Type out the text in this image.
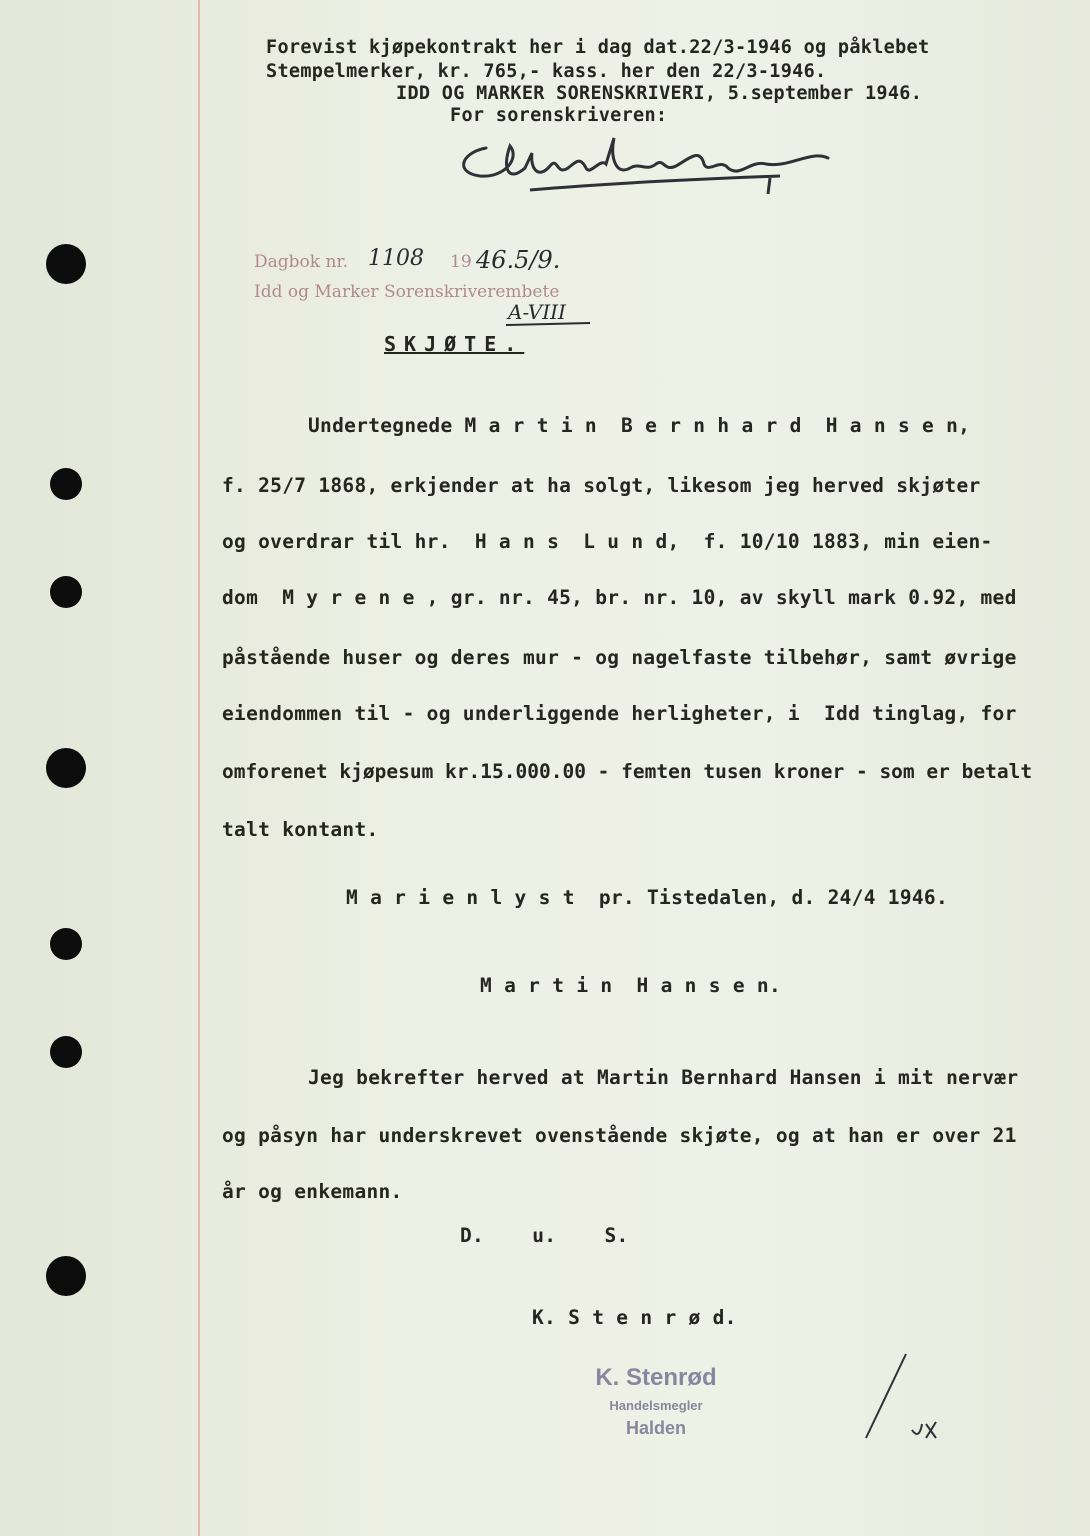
Forevist kjøpekontrakt her i dag dat.22/3-1946 og påklebet
Stempelmerker, kr. 765,- kass. her den 22/3-1946.
IDD OG MARKER SORENSKRIVERI, 5.september 1946.
For sorenskriveren:
Dagbok nr. 1108 19 46.5/9.
Idd og Marker Sorenskriverembete
A-VIII
SKJØTE.
Undertegnede M a r t i n  B e r n h a r d  H a n s e n,
f. 25/7 1868, erkjender at ha solgt, likesom jeg herved skjøter
og overdrar til hr.  H a n s  L u n d,  f. 10/10 1883, min eien-
dom  M y r e n e , gr. nr. 45, br. nr. 10, av skyll mark 0.92, med
påstående huser og deres mur - og nagelfaste tilbehør, samt øvrige
eiendommen til - og underliggende herligheter, i  Idd tinglag, for
omforenet kjøpesum kr.15.000.00 - femten tusen kroner - som er betalt
talt kontant.
M a r i e n l y s t  pr. Tistedalen, d. 24/4 1946.
M a r t i n  H a n s e n.
Jeg bekrefter herved at Martin Bernhard Hansen i mit nervær
og påsyn har underskrevet ovenstående skjøte, og at han er over 21
år og enkemann.
D.    u.    S.
K. S t e n r ø d.
K. Stenrød
Handelsmegler
Halden
